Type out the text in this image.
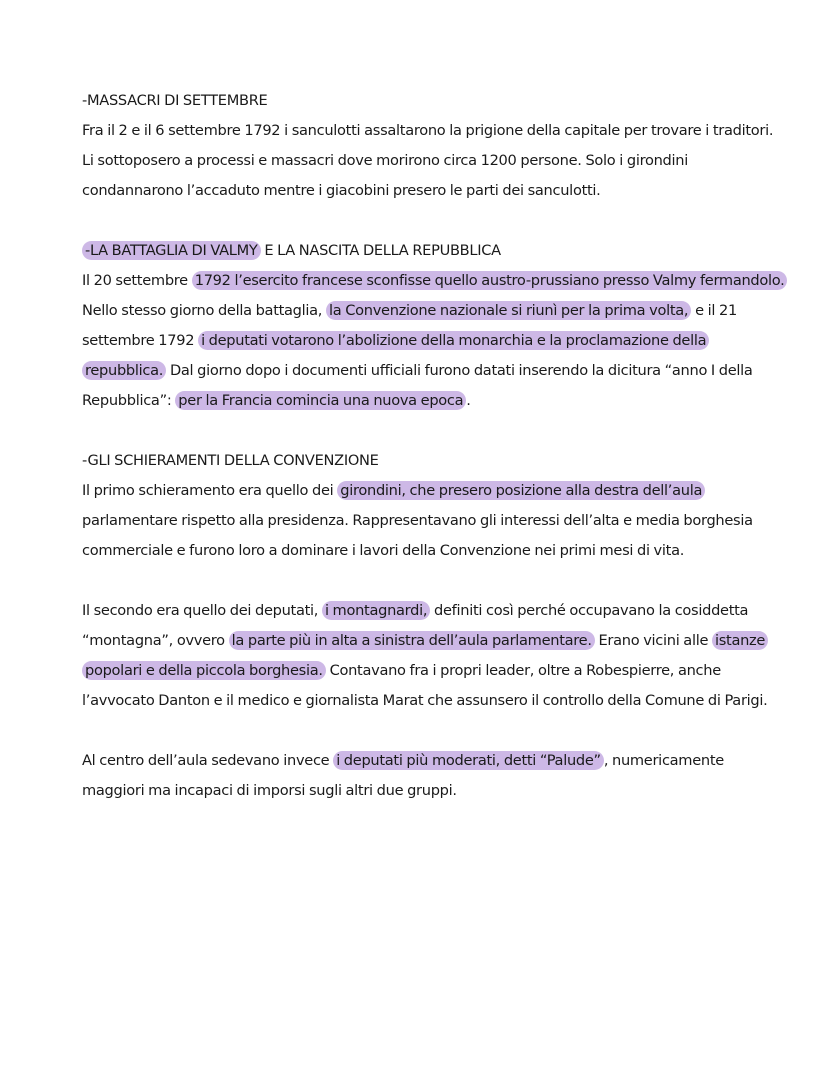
-MASSACRI DI SETTEMBRE

Fra il 2 e il 6 settembre 1792 i sanculotti assaltarono la prigione della capitale per trovare i traditori. Li sottoposero a processi e massacri dove morirono circa 1200 persone. Solo i girondini condannarono l’accaduto mentre i giacobini presero le parti dei sanculotti.

-LA BATTAGLIA DI VALMY E LA NASCITA DELLA REPUBBLICA

Il 20 settembre 1792 l’esercito francese sconfisse quello austro-prussiano presso Valmy fermandolo. Nello stesso giorno della battaglia, la Convenzione nazionale si riunì per la prima volta, e il 21 settembre 1792 i deputati votarono l’abolizione della monarchia e la proclamazione della repubblica. Dal giorno dopo i documenti ufficiali furono datati inserendo la dicitura “anno I della Repubblica”: per la Francia comincia una nuova epoca .

-GLI SCHIERAMENTI DELLA CONVENZIONE

Il primo schieramento era quello dei girondini, che presero posizione alla destra dell’aula parlamentare rispetto alla presidenza. Rappresentavano gli interessi dell’alta e media borghesia commerciale e furono loro a dominare i lavori della Convenzione nei primi mesi di vita.

Il secondo era quello dei deputati, i montagnardi, definiti così perché occupavano la cosiddetta “montagna”, ovvero la parte più in alta a sinistra dell’aula parlamentare. Erano vicini alle istanze popolari e della piccola borghesia. Contavano fra i propri leader, oltre a Robespierre, anche l’avvocato Danton e il medico e giornalista Marat che assunsero il controllo della Comune di Parigi.

Al centro dell’aula sedevano invece i deputati più moderati, detti “Palude” , numericamente maggiori ma incapaci di imporsi sugli altri due gruppi.
